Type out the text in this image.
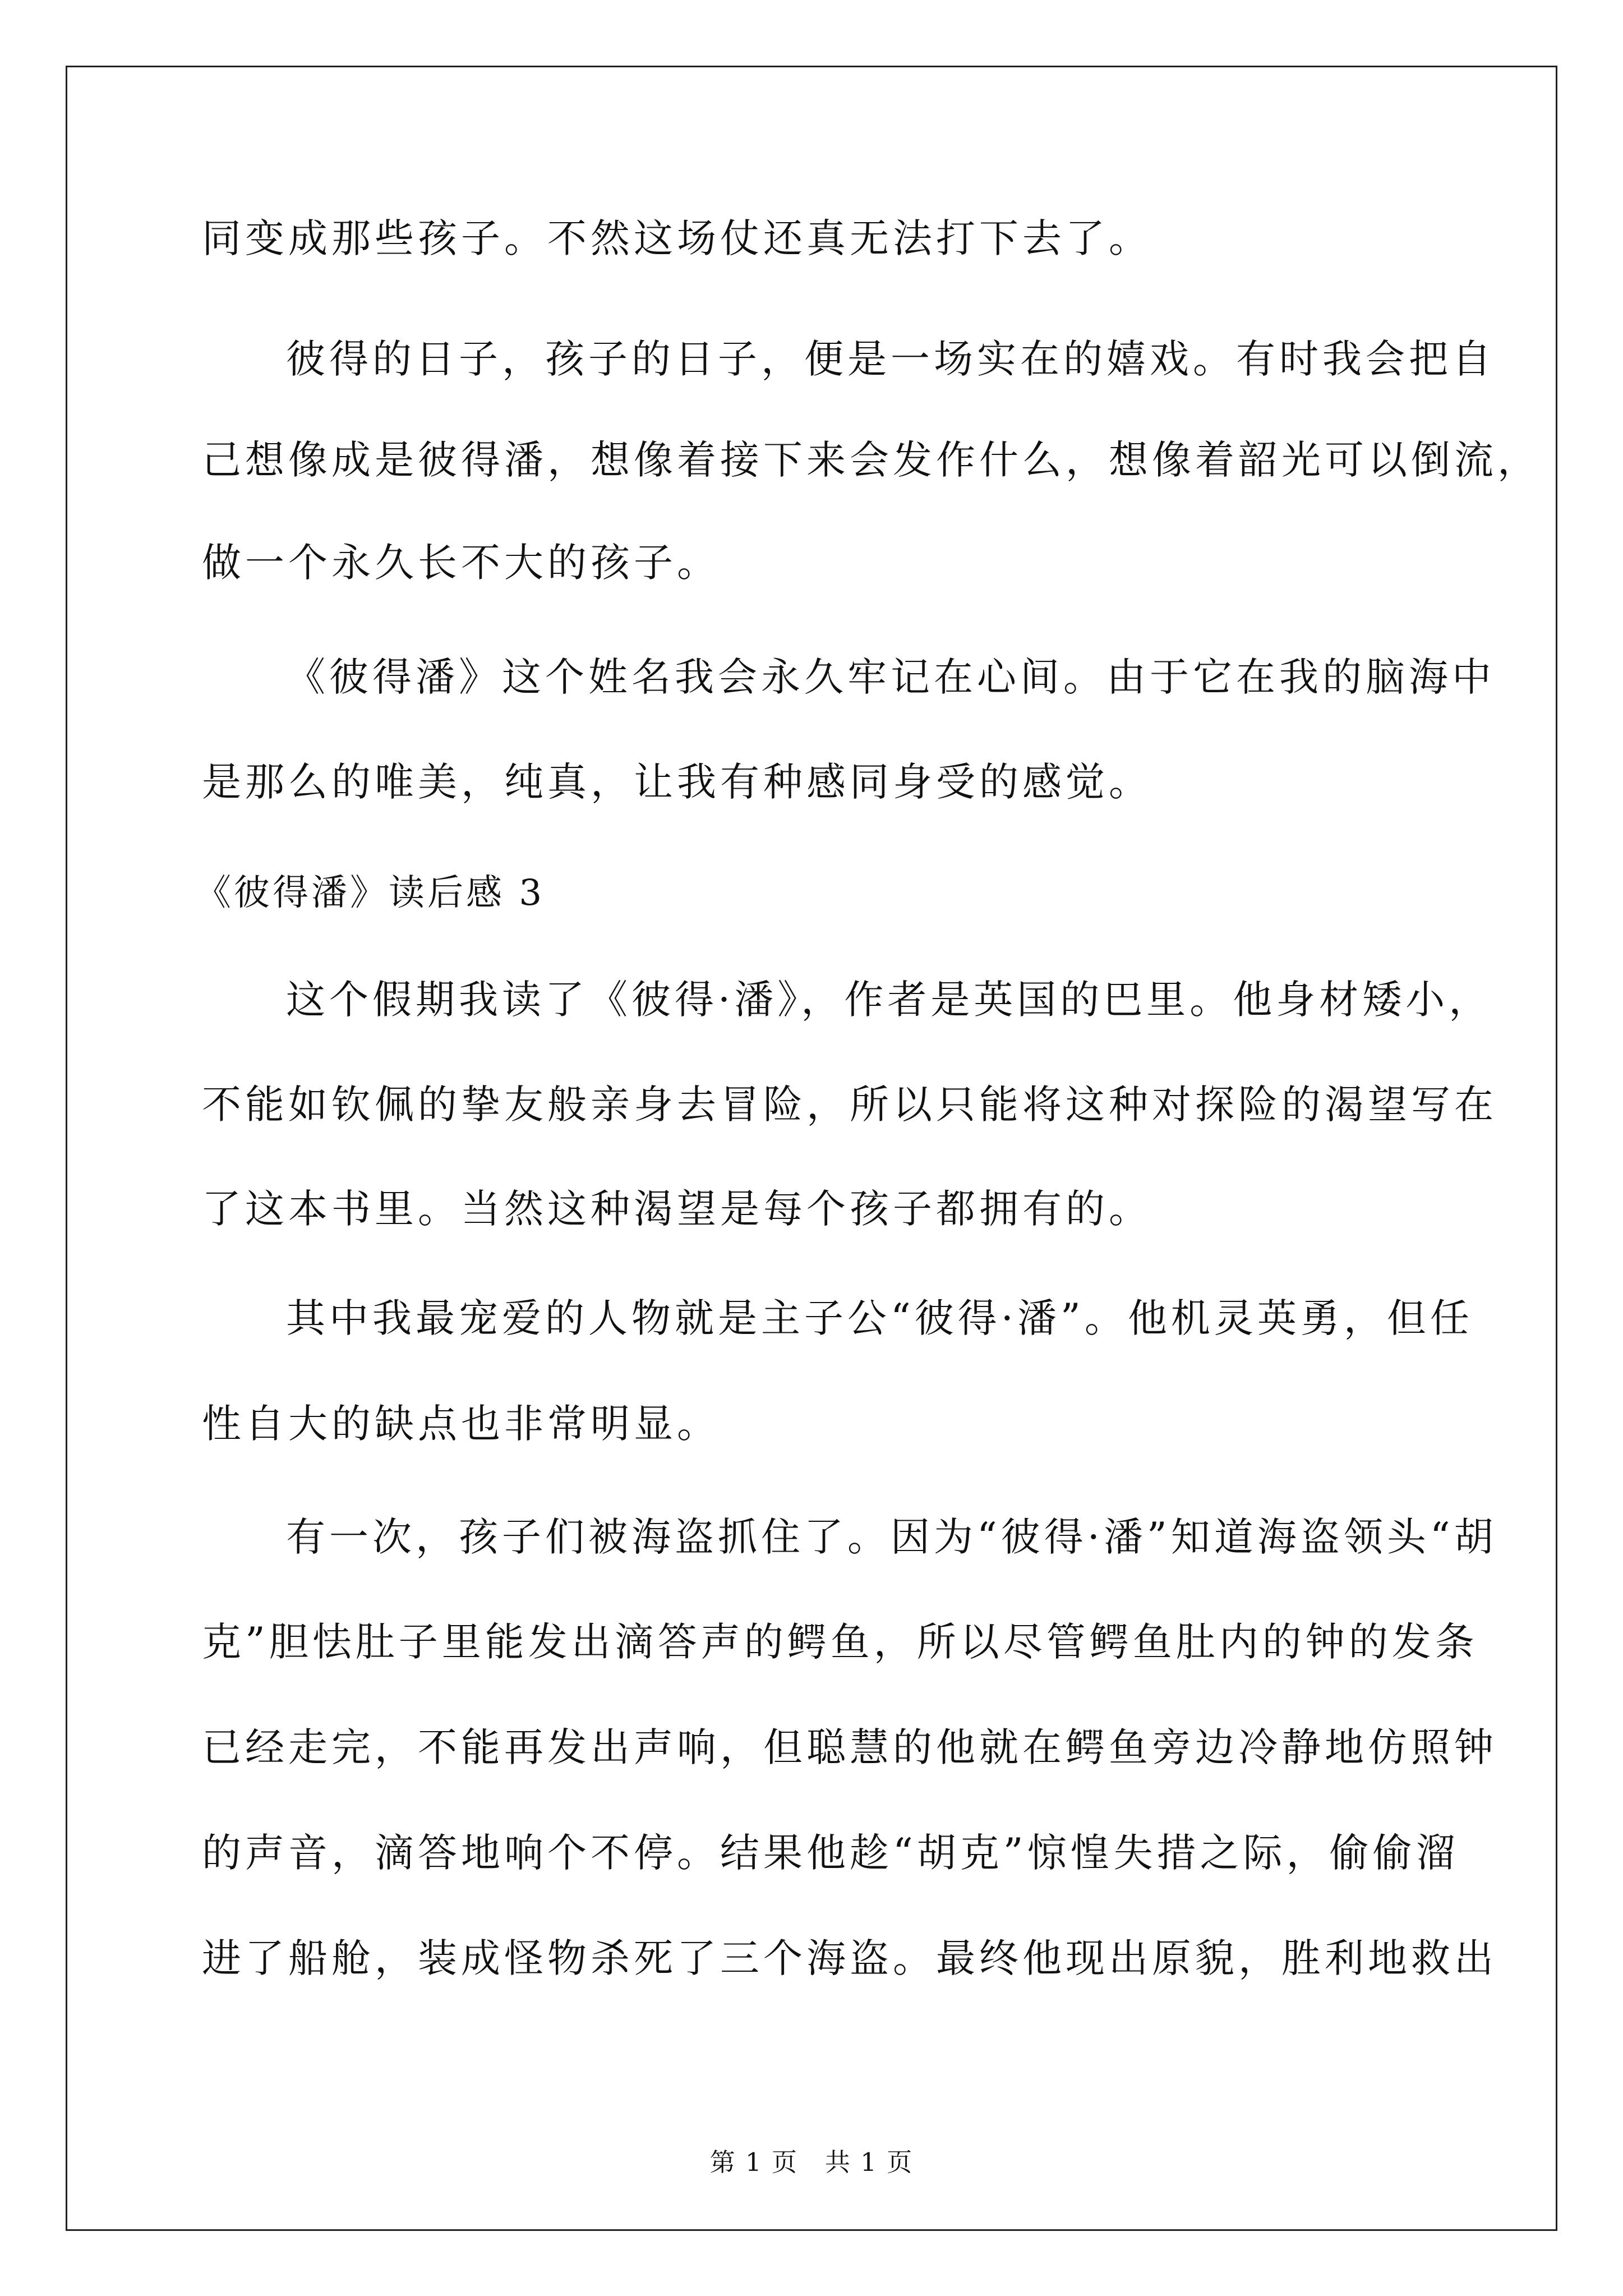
同变成那些孩子。不然这场仗还真无法打下去了。
彼得的日子，孩子的日子，便是一场实在的嬉戏。有时我会把自
己想像成是彼得潘，想像着接下来会发作什么，想像着韶光可以倒流，
做一个永久长不大的孩子。
《彼得潘》这个姓名我会永久牢记在心间。由于它在我的脑海中
是那么的唯美，纯真，让我有种感同身受的感觉。
《彼得潘》读后感 3
这个假期我读了《彼得·潘》，作者是英国的巴里。他身材矮小，
不能如钦佩的挚友般亲身去冒险，所以只能将这种对探险的渴望写在
了这本书里。当然这种渴望是每个孩子都拥有的。
其中我最宠爱的人物就是主子公“彼得·潘”。他机灵英勇，但任
性自大的缺点也非常明显。
有一次，孩子们被海盗抓住了。因为“彼得·潘”知道海盗领头“胡
克”胆怯肚子里能发出滴答声的鳄鱼，所以尽管鳄鱼肚内的钟的发条
已经走完，不能再发出声响，但聪慧的他就在鳄鱼旁边冷静地仿照钟
的声音，滴答地响个不停。结果他趁“胡克”惊惶失措之际，偷偷溜
进了船舱，装成怪物杀死了三个海盗。最终他现出原貌，胜利地救出
第 1 页 共 1 页
